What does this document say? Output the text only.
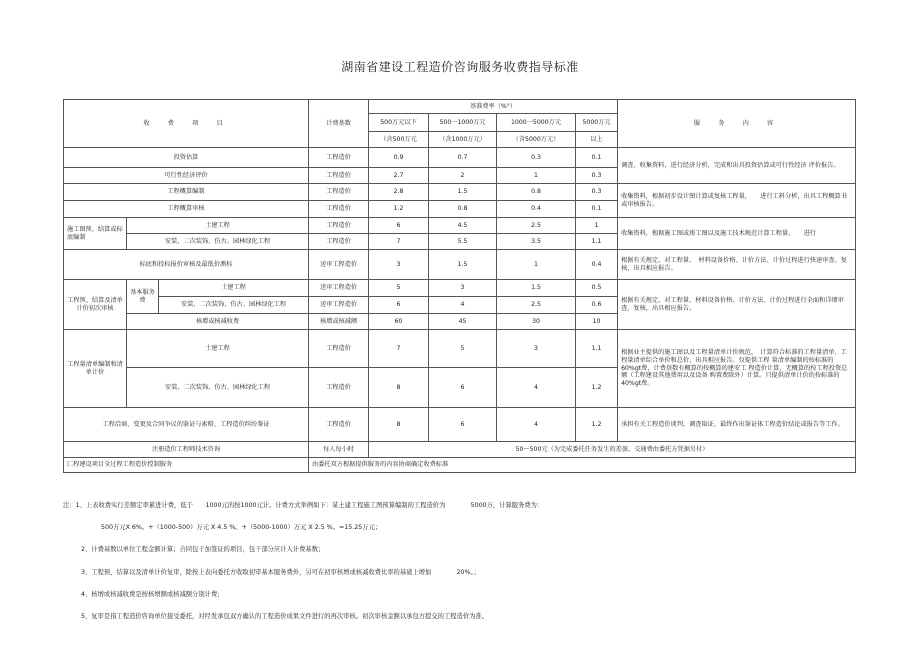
湖南省建设工程造价咨询服务收费指导标准
收　费　项　目			计费基数	基准费率（%°）				服　务　内　容
				500万元以下	500一1000万元	1000一5000万元	5000万元	
				（含500万元	（含1000万元）	（含5000万元）	以上	
投资估算			工程造价	0.9	0.7	0.3	0.1	调查、收集资料，进行经济分析，完成和出具投资估算或可行性经济 评价报告。
可行性经济评价			工程造价	2.7	2	1	0.3	
工程概算编制			工程造价	2.8	1.5	0.8	0.3	收集资料，根据初步设计图计算或复核工程量，　　进行工料分析，出具工程概算书或审核报告。
工程概算审核			工程造价	1.2	0.8	0.4	0.1	
施工图预、结算或标底编制	土建工程		工程造价	6	4.5	2.5	1	收集资料，根据施工图或竣工图以及施工技术规范计算工程量，　　进行
	安装、二次装饰、仿古、园林绿化工程		工程造价	7	5.5	3.5	1.1	
标底和投标报价审核及最低价测标			送审工程造价	3	1.5	1	0.4	根据有关规定，对工程量、　材料设备价格、计价方法、计价过程进行快速审查、复核，出具相应报告。
工程预、结算及清单计价初次审核	基本服务费	土建工程	送审工程造价	5	3	1.5	0.5	根据有关规定，对工程量、材料设备价格、计价方法、计价过程进行全面和详细审查，复核，出具相应报告。
		安装、二次装饰、仿古、园林绿化工程	送审工程造价	6	4	2.5	0.6	
	核增或核减收费		核增或核减额	60	45	30	10	
工程量清单编制和清单计价	土建工程		工程造价	7	5	3	1.1	根据业主提供的施工图以及工程量清单计价规范，　计算符合标准的工程量清单、工程量清单综合单价和总价，出具相应报告。仅提供工程 量清单编制的按标准的60%gt费，计费基数有概算的按概算的建安工 程造价计算，无概算的按工程投资总额（工程建设其他费用以及设备 购置费除外）计算。只提供清单计价的按标准的　　　　40%gt费。
	安装、二次装饰、仿古、园林绿化工程		工程造价	8	6	4	1.2	
工程洽商、变更及合同争议的鉴证与索赔、工程造价纠纷鉴证			工程造价	8	6	4	1.2	承担有关工程造价谈判、调查取证，最终作出鉴证体工程造价结论或报告等工作。
注册造价工程师技术咨询			每人每小时	50～500元（为完成委托任务发生的差旅、交通费由委托方凭据另付）				
匚程建设项目全过程工程造价控制服务			由委托双方根据提供服务的内容协商确定收费标准					
注：1、上表收费实行差额定率累进计费，低于　　1000元的按1000元计。计费方式举例如下：某土建工程施工图预算编制的工程造价为　　　　5000万，计算服务费为：
500万元X 6%。+（1000-500）万元 X 4.5 %。+（5000-1000）万元 X 2.5 %。=15.25万元；
2、计费基数以单位工程金额计算；合同包干加签证的项目，包干部分应计入计费基数；
3、工程预、结算以及清单计价复审，除按上表向委托方收取初审基本服务费外，另可在初审核增或核减收费比率的基础上增加　　　　20%。；
4、核增或核减收费是按核增额或核减额分别计费；
5、复审是指工程造价咨询单位接受委托，对经发承包双方确认的工程造价成果文件进行的再次审核。初次审核金额以承包方提交的工程造价为准。
